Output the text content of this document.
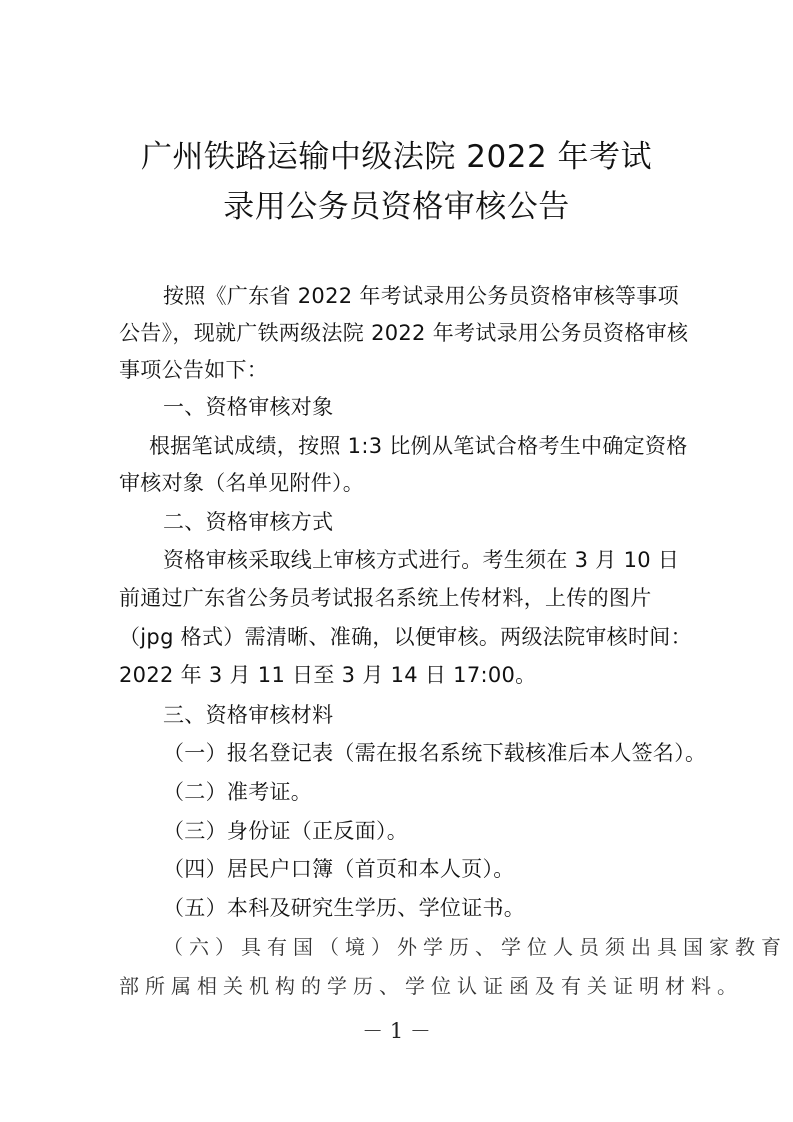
广州铁路运输中级法院 2022 年考试
录用公务员资格审核公告
按照《广东省 2022 年考试录用公务员资格审核等事项
公告》，现就广铁两级法院 2022 年考试录用公务员资格审核
事项公告如下：
一、资格审核对象
根据笔试成绩，按照 1:3 比例从笔试合格考生中确定资格
审核对象（名单见附件）。
二、资格审核方式
资格审核采取线上审核方式进行。考生须在 3 月 10 日
前通过广东省公务员考试报名系统上传材料，上传的图片
（jpg 格式）需清晰、准确，以便审核。两级法院审核时间：
2022 年 3 月 11 日至 3 月 14 日 17:00。
三、资格审核材料
（一）报名登记表（需在报名系统下载核准后本人签名）。
（二）准考证。
（三）身份证（正反面）。
（四）居民户口簿（首页和本人页）。
（五）本科及研究生学历、学位证书。
（六）具有国（境）外学历、学位人员须出具国家教育
部所属相关机构的学历、学位认证函及有关证明材料。
－ 1 －
